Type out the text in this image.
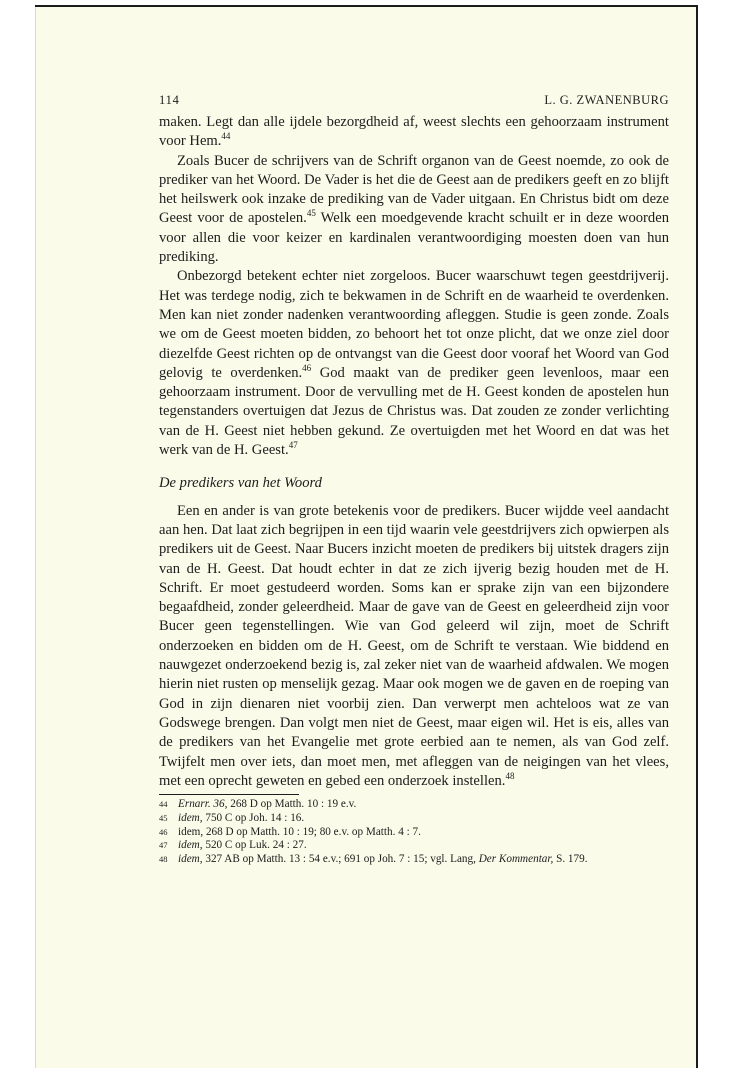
114	L. G. ZWANENBURG

maken. Legt dan alle ijdele bezorgdheid af, weest slechts een gehoorzaam instrument voor Hem.$^{44}$

Zoals Bucer de schrijvers van de Schrift organon van de Geest noemde, zo ook de prediker van het Woord. De Vader is het die de Geest aan de predikers geeft en zo blijft het heilswerk ook inzake de prediking van de Vader uitgaan. En Christus bidt om deze Geest voor de apostelen.$^{45}$ Welk een moedgevende kracht schuilt er in deze woorden voor allen die voor keizer en kardinalen verantwoordiging moesten doen van hun prediking.

Onbezorgd betekent echter niet zorgeloos. Bucer waarschuwt tegen geestdrijverij. Het was terdege nodig, zich te bekwamen in de Schrift en de waarheid te overdenken. Men kan niet zonder nadenken verantwoording afleggen. Studie is geen zonde. Zoals we om de Geest moeten bidden, zo behoort het tot onze plicht, dat we onze ziel door diezelfde Geest richten op de ontvangst van die Geest door vooraf het Woord van God gelovig te overdenken.$^{46}$ God maakt van de prediker geen levenloos, maar een gehoorzaam instrument. Door de vervulling met de H. Geest konden de apostelen hun tegenstanders overtuigen dat Jezus de Christus was. Dat zouden ze zonder verlichting van de H. Geest niet hebben gekund. Ze overtuigden met het Woord en dat was het werk van de H. Geest.$^{47}$

De predikers van het Woord

Een en ander is van grote betekenis voor de predikers. Bucer wijdde veel aandacht aan hen. Dat laat zich begrijpen in een tijd waarin vele geestdrijvers zich opwierpen als predikers uit de Geest. Naar Bucers inzicht moeten de predikers bij uitstek dragers zijn van de H. Geest. Dat houdt echter in dat ze zich ijverig bezig houden met de H. Schrift. Er moet gestudeerd worden. Soms kan er sprake zijn van een bijzondere begaafdheid, zonder geleerdheid. Maar de gave van de Geest en geleerdheid zijn voor Bucer geen tegenstellingen. Wie van God geleerd wil zijn, moet de Schrift onderzoeken en bidden om de H. Geest, om de Schrift te verstaan. Wie biddend en nauwgezet onderzoekend bezig is, zal zeker niet van de waarheid afdwalen. We mogen hierin niet rusten op menselijk gezag. Maar ook mogen we de gaven en de roeping van God in zijn dienaren niet voorbij zien. Dan verwerpt men achteloos wat ze van Godswege brengen. Dan volgt men niet de Geest, maar eigen wil. Het is eis, alles van de predikers van het Evangelie met grote eerbied aan te nemen, als van God zelf. Twijfelt men over iets, dan moet men, met afleggen van de neigingen van het vlees, met een oprecht geweten en gebed een onderzoek instellen.$^{48}$

44 Ernarr. 36, 268 D op Matth. 10 : 19 e.v.
45 idem, 750 C op Joh. 14 : 16.
46 idem, 268 D op Matth. 10 : 19; 80 e.v. op Matth. 4 : 7.
47 idem, 520 C op Luk. 24 : 27.
48 idem, 327 AB op Matth. 13 : 54 e.v.; 691 op Joh. 7 : 15; vgl. Lang, Der Kommentar, S. 179.
